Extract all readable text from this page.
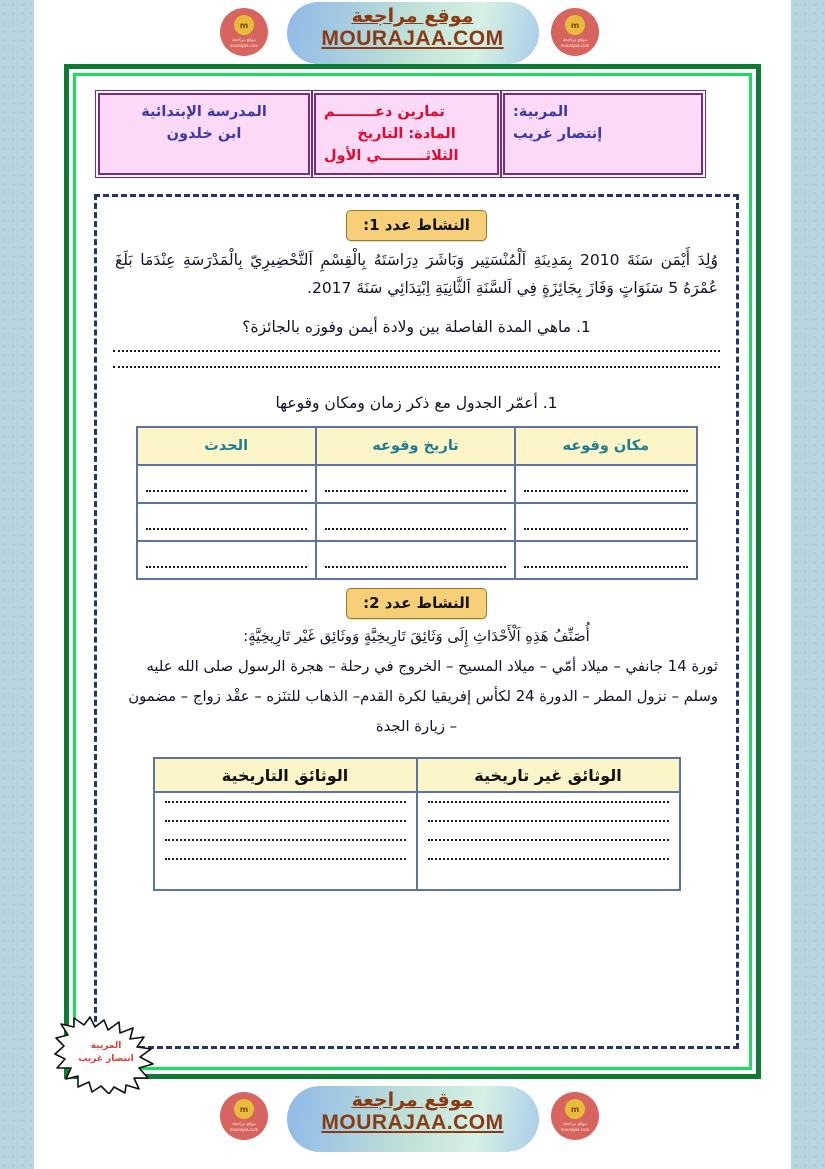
m
موقع مراجعة
mourajaa.com
m
موقع مراجعة
mourajaa.com
موقع مراجعة
MOURAJAA.COM
المربية:
إنتصار غريب
تمارين دعــــــــم
المادة: التاريخ
الثلاثـــــــــي الأول
المدرسة الإبتدائية
ابن خلدون
النشاط عدد 1:
وُلِدَ أَيْمَن سَنَةَ 2010 بِمَدِينَةِ اَلْمُنْسَتِير وَبَاشَرَ دِرَاسَتَهُ بِالْقِسْمِ اَلتَّحْضِيرِيّ بِالْمَدْرَسَةِ عِنْدَمَا بَلَغَ عُمْرَهُ 5 سَنَوَاتٍ وَفَازَ بِجَائِزَةٍ فِي اَلسَّنَةِ اَلثَّانِيَةِ اِبْتِدَائِي سَنَةَ 2017.
1. ماهي المدة الفاصلة بين ولادة أيمن وفوزه بالجائزة؟
1. أعمّر الجدول مع ذكر زمان ومكان وقوعها
مكان وقوعه	تاريخ وقوعه	الحدث

النشاط عدد 2:
أُصَنِّفُ هَذِهِ اَلْأَحْدَاثِ إِلَى وَثَائِقَ تَارِيخِيَّةٍ وَوثَائِق غَيْر تَارِيخِيَّةٍ:
ثورة 14 جانفي – ميلاد أمّي – ميلاد المسيح – الخروج في رحلة – هجرة الرسول صلى الله عليه
وسلم – نزول المطر – الدورة 24 لكأس إفريقيا لكرة القدم– الذهاب للتنَزه – عقْد زواج – مضمون
– زيارة الجدة
الوثائق غير تاريخية	الوثائق التاريخية

المربية
انتصار غريب
m
موقع مراجعة
mourajaa.com
m
موقع مراجعة
mourajaa.com
موقع مراجعة
MOURAJAA.COM
